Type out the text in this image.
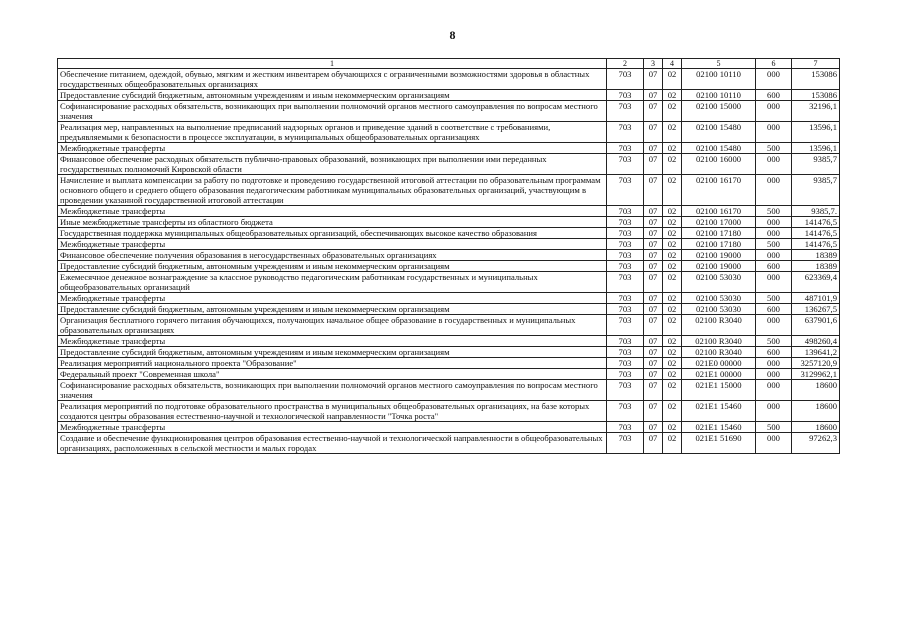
8
1	2	3	4	5	6	7
Обеспечение питанием, одеждой, обувью, мягким и жестким инвентарем обучающихся с ограниченными возможностями здоровья в областных государственных общеобразовательных организациях	703	07	02	02100 10110	000	153086
Предоставление субсидий бюджетным, автономным учреждениям и иным некоммерческим организациям	703	07	02	02100 10110	600	153086
Софинансирование расходных обязательств, возникающих при выполнении полномочий органов местного самоуправления по вопросам местного значения	703	07	02	02100 15000	000	32196,1
Реализация мер, направленных на выполнение предписаний надзорных органов и приведение зданий в соответствие с требованиями, предъявляемыми к безопасности в процессе эксплуатации, в муниципальных общеобразовательных организациях	703	07	02	02100 15480	000	13596,1
Межбюджетные трансферты	703	07	02	02100 15480	500	13596,1
Финансовое обеспечение расходных обязательств публично-правовых образований, возникающих при выполнении ими переданных государственных полномочий Кировской области	703	07	02	02100 16000	000	9385,7
Начисление и выплата компенсации за работу по подготовке и проведению государственной итоговой аттестации по образовательным программам основного общего и среднего общего образования педагогическим работникам муниципальных образовательных организаций, участвующим в проведении указанной государственной итоговой аттестации	703	07	02	02100 16170	000	9385,7
Межбюджетные трансферты	703	07	02	02100 16170	500	9385,7.
Иные межбюджетные трансферты из областного бюджета	703	07	02	02100 17000	000	141476,5
Государственная поддержка муниципальных общеобразовательных организаций, обеспечивающих высокое качество образования	703	07	02	02100 17180	000	141476,5
Межбюджетные трансферты	703	07	02	02100 17180	500	141476,5
Финансовое обеспечение получения образования в негосударственных образовательных организациях	703	07	02	02100 19000	000	18389
Предоставление субсидий бюджетным, автономным учреждениям и иным некоммерческим организациям	703	07	02	02100 19000	600	18389
Ежемесячное денежное вознаграждение за классное руководство педагогическим работникам государственных и муниципальных общеобразовательных организаций	703	07	02	02100 53030	000	623369,4
Межбюджетные трансферты	703	07	02	02100 53030	500	487101,9
Предоставление субсидий бюджетным, автономным учреждениям и иным некоммерческим организациям	703	07	02	02100 53030	600	136267,5
Организация бесплатного горячего питания обучающихся, получающих начальное общее образование в государственных и муниципальных образовательных организациях	703	07	02	02100 R3040	000	637901,6
Межбюджетные трансферты	703	07	02	02100 R3040	500	498260,4
Предоставление субсидий бюджетным, автономным учреждениям и иным некоммерческим организациям	703	07	02	02100 R3040	600	139641,2
Реализация мероприятий национального проекта "Образование"	703	07	02	021E0 00000	000	3257120,9
Федеральный проект "Современная школа"	703	07	02	021E1 00000	000	3129962,1
Софинансирование расходных обязательств, возникающих при выполнении полномочий органов местного самоуправления по вопросам местного значения	703	07	02	021E1 15000	000	18600
Реализация мероприятий по подготовке образовательного пространства в муниципальных общеобразовательных организациях, на базе которых создаются центры образования естественно-научной и технологической направленности "Точка роста"	703	07	02	021E1 15460	000	18600
Межбюджетные трансферты	703	07	02	021E1 15460	500	18600
Создание и обеспечение функционирования центров образования естественно-научной и технологической направленности в общеобразовательных организациях, расположенных в сельской местности и малых городах	703	07	02	021E1 51690	000	97262,3
